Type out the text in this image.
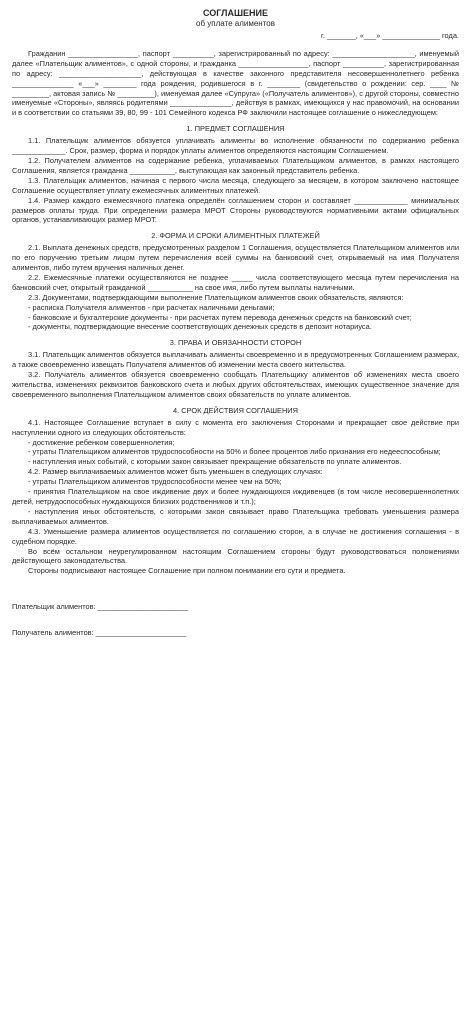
СОГЛАШЕНИЕ
об уплате алиментов
г. _______, «___» ______________ года.

Гражданин _________________, паспорт __________, зарегистрированный по адресу: ____________________, именуемый далее «Плательщик алиментов», с одной стороны, и гражданка _________________, паспорт __________, зарегистрированная по адресу: ____________________, действующая в качестве законного представителя несовершеннолетнего ребенка _______________ «___» ________ года рождения, родившегося в г. ________ (свидетельство о рождении: сер. ____ № _________, актовая запись № _________), именуемая далее «Супруга» («Получатель алиментов»), с другой стороны, совместно именуемые «Стороны», являясь родителями _______________, действуя в рамках, имеющихся у нас правомочий, на основании и в соответствии со статьями 39, 80, 99 - 101 Семейного кодекса РФ заключили настоящее соглашение о нижеследующем:

1. ПРЕДМЕТ СОГЛАШЕНИЯ

1.1. Плательщик алиментов обязуется уплачивать алименты во исполнение обязанности по содержанию ребенка _____________. Срок, размер, форма и порядок уплаты алиментов определяются настоящим Соглашением.

1.2. Получателем алиментов на содержание ребенка, уплачиваемых Плательщиком алиментов, в рамках настоящего Соглашения, является гражданка ___________, выступающая как законный представитель ребенка.

1.3. Плательщик алиментов, начиная с первого числа месяца, следующего за месяцем, в котором заключено настоящее Соглашение осуществляет уплату ежемесячных алиментных платежей.

1.4. Размер каждого ежемесячного платежа определён соглашением сторон и составляет _____________ минимальных размеров оплаты труда. При определении размера МРОТ Стороны руководствуются нормативными актами официальных органов, устанавливающих размер МРОТ.

2. ФОРМА И СРОКИ АЛИМЕНТНЫХ ПЛАТЕЖЕЙ

2.1. Выплата денежных средств, предусмотренных разделом 1 Соглашения, осуществляется Плательщиком алиментов или по его поручению третьим лицом путем перечисления всей суммы на банковский счет, открываемый на имя Получателя алиментов, либо путем вручения наличных денег.

2.2. Ежемесячные платежи осуществляются не позднее _____ числа соответствующего месяца путем перечисления на банковский счет, открытый гражданкой ___________ на свое имя, либо путем выплаты наличными.

2.3. Документами, подтверждающими выполнение Плательщиком алиментов своих обязательств, являются:

- расписка Получателя алиментов - при расчетах наличными деньгами;

- банковские и бухгалтерские документы - при расчетах путем перевода денежных средств на банковский счет;

- документы, подтверждающие внесение соответствующих денежных средств в депозит нотариуса.

3. ПРАВА И ОБЯЗАННОСТИ СТОРОН

3.1. Плательщик алиментов обязуется выплачивать алименты своевременно и в предусмотренных Соглашением размерах, а также своевременно извещать Получателя алиментов об изменении места своего жительства.

3.2. Получатель алиментов обязуется своевременно сообщать Плательщику алиментов об изменениях места своего жительства, изменениях реквизитов банковского счета и любых других обстоятельствах, имеющих существенное значение для своевременного выполнения Плательщиком алиментов своих обязательств по уплате алиментов.

4. СРОК ДЕЙСТВИЯ СОГЛАШЕНИЯ

4.1. Настоящее Соглашение вступает в силу с момента его заключения Сторонами и прекращает свое действие при наступлении одного из следующих обстоятельств:

- достижение ребенком совершеннолетия;

- утраты Плательщиком алиментов трудоспособности на 50% и более процентов либо признания его недееспособным;

- наступления иных событий, с которыми закон связывает прекращение обязательств по уплате алиментов.

4.2. Размер выплачиваемых алиментов может быть уменьшен в следующих случаях:

- утраты Плательщиком алиментов трудоспособности менее чем на 50%;

- принятия Плательщиком на свое иждивение двух и более нуждающихся иждивенцев (в том числе несовершеннолетних детей, нетрудоспособных нуждающихся близких родственников и т.п.);

- наступления иных обстоятельств, с которыми закон связывает право Плательщика требовать уменьшения размера выплачиваемых алиментов.

4.3. Уменьшение размера алиментов осуществляется по соглашению сторон, а в случае не достижения соглашения - в судебном порядке.

Во всём остальном неурегулированном настоящим Соглашением стороны будут руководствоваться положениями действующего законодательства.

Стороны подписывают настоящее Соглашение при полном понимании его сути и предмета.

Плательщик алиментов: ______________________
Получатель алиментов: ______________________
